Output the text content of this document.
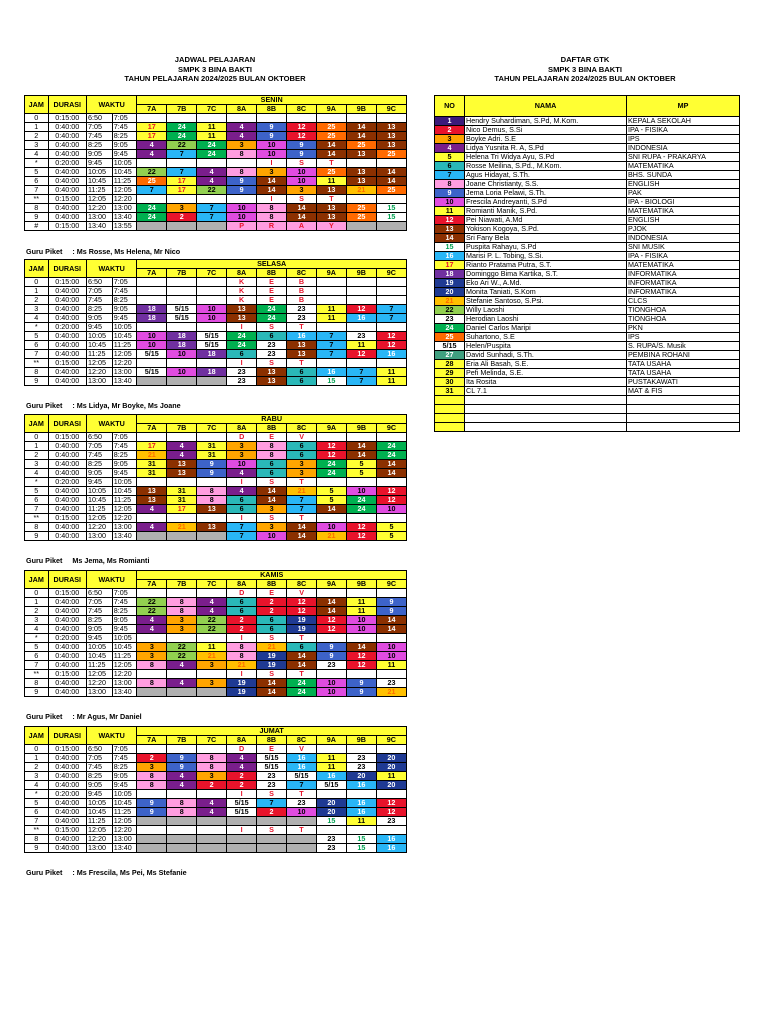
JADWAL PELAJARAN
SMPK 3 BINA BAKTI
TAHUN PELAJARAN 2024/2025 BULAN OKTOBER
DAFTAR GTK
SMPK 3 BINA BAKTI
TAHUN PELAJARAN 2024/2025 BULAN OKTOBER
JAM	DURASI	WAKTU		SENIN								
				7A	7B	7C	8A	8B	8C	9A	9B	9C
0	0:15:00	6:50	7:05									
1	0:40:00	7:05	7:45	17	24	11	4	9	12	25	14	13
2	0:40:00	7:45	8:25	17	24	11	4	9	12	25	14	13
3	0:40:00	8:25	9:05	4	22	24	3	10	9	14	25	13
4	0:40:00	9:05	9:45	4	7	24	8	10	9	14	13	25
*	0:20:00	9:45	10:05					I	S	T		
5	0:40:00	10:05	10:45	22	7	4	8	3	10	25	13	14
6	0:40:00	10:45	11:25	25	17	4	9	14	10	11	13	14
7	0:40:00	11:25	12:05	7	17	22	9	14	3	13	21	25
**	0:15:00	12:05	12:20					I	S	T		
8	0:40:00	12:20	13:00	24	3	7	10	8	14	13	25	15
9	0:40:00	13:00	13:40	24	2	7	10	8	14	13	25	15
#	0:15:00	13:40	13:55				P	R	A	Y		
Guru Piket : Ms Rosse, Ms Helena, Mr Nico
JAM	DURASI	WAKTU		SELASA								
				7A	7B	7C	8A	8B	8C	9A	9B	9C
0	0:15:00	6:50	7:05				K	E	B			
1	0:40:00	7:05	7:45				K	E	B			
2	0:40:00	7:45	8:25				K	E	B			
3	0:40:00	8:25	9:05	18	5/15	10	13	24	23	11	12	7
4	0:40:00	9:05	9:45	18	5/15	10	13	24	23	11	16	7
*	0:20:00	9:45	10:05				I	S	T			
5	0:40:00	10:05	10:45	10	18	5/15	24	6	16	7	23	12
6	0:40:00	10:45	11:25	10	18	5/15	24	23	13	7	11	12
7	0:40:00	11:25	12:05	5/15	10	18	6	23	13	7	12	16
**	0:15:00	12:05	12:20				I	S	T			
8	0:40:00	12:20	13:00	5/15	10	18	23	13	6	16	7	11
9	0:40:00	13:00	13:40				23	13	6	15	7	11
Guru Piket : Ms Lidya, Mr Boyke, Ms Joane
JAM	DURASI	WAKTU		RABU								
				7A	7B	7C	8A	8B	8C	9A	9B	9C
0	0:15:00	6:50	7:05				D	E	V			
1	0:40:00	7:05	7:45	17	4	31	3	8	6	12	14	24
2	0:40:00	7:45	8:25	21	4	31	3	8	6	12	14	24
3	0:40:00	8:25	9:05	31	13	9	10	6	3	24	5	14
4	0:40:00	9:05	9:45	31	13	9	4	6	3	24	5	14
*	0:20:00	9:45	10:05				I	S	T			
5	0:40:00	10:05	10:45	13	31	8	4	14	21	5	10	12
6	0:40:00	10:45	11:25	13	31	8	6	14	7	5	24	12
7	0:40:00	11:25	12:05	4	17	13	6	3	7	14	24	10
**	0:15:00	12:05	12:20				I	S	T			
8	0:40:00	12:20	13:00	4	21	13	7	3	14	10	12	5
9	0:40:00	13:00	13:40				7	10	14	21	12	5
Guru Piket Ms Jema, Ms Romianti
JAM	DURASI	WAKTU		KAMIS								
				7A	7B	7C	8A	8B	8C	9A	9B	9C
0	0:15:00	6:50	7:05				D	E	V			
1	0:40:00	7:05	7:45	22	8	4	6	2	12	14	11	9
2	0:40:00	7:45	8:25	22	8	4	6	2	12	14	11	9
3	0:40:00	8:25	9:05	4	3	22	2	6	19	12	10	14
4	0:40:00	9:05	9:45	4	3	22	2	6	19	12	10	14
*	0:20:00	9:45	10:05				I	S	T			
5	0:40:00	10:05	10:45	3	22	11	8	21	6	9	14	10
6	0:40:00	10:45	11:25	3	22	21	8	19	14	9	12	10
7	0:40:00	11:25	12:05	8	4	3	21	19	14	23	12	11
**	0:15:00	12:05	12:20				I	S	T			
8	0:40:00	12:20	13:00	8	4	3	19	14	24	10	9	23
9	0:40:00	13:00	13:40				19	14	24	10	9	21
Guru Piket : Mr Agus, Mr Daniel
JAM	DURASI	WAKTU		JUMAT								
				7A	7B	7C	8A	8B	8C	9A	9B	9C
0	0:15:00	6:50	7:05				D	E	V			
1	0:40:00	7:05	7:45	2	9	8	4	5/15	16	11	23	20
2	0:40:00	7:45	8:25	3	9	8	4	5/15	16	11	23	20
3	0:40:00	8:25	9:05	8	4	3	2	23	5/15	16	20	11
4	0:40:00	9:05	9:45	8	4	2	2	23	7	5/15	16	20
*	0:20:00	9:45	10:05				I	S	T			
5	0:40:00	10:05	10:45	9	8	4	5/15	7	23	20	16	12
6	0:40:00	10:45	11:25	9	8	4	5/15	2	10	20	16	12
7	0:40:00	11:25	12:05							15	11	23
**	0:15:00	12:05	12:20				I	S	T			
8	0:40:00	12:20	13:00							23	15	16
9	0:40:00	13:00	13:40							23	15	16
Guru Piket : Ms Frescila, Ms Pei, Ms Stefanie
NO	NAMA	MP
1	Hendry Suhardiman, S.Pd, M.Kom.	KEPALA SEKOLAH
2	Nico Demus, S.Si	IPA - FISIKA
3	Boyke Adri. S.E	IPS
4	Lidya Yusnita R. A, S.Pd	INDONESIA
5	Helena Tri Widya Ayu, S.Pd	SNI RUPA - PRAKARYA
6	Rosse Meilina, S.Pd., M.Kom.	MATEMATIKA
7	Agus Hidayat, S.Th.	BHS. SUNDA
8	Joane Christianty, S.S.	ENGLISH
9	Jema Loria Pelawi, S.Th.	PAK
10	Frescila Andreyanti, S.Pd	IPA - BIOLOGI
11	Romianti Manik, S.Pd.	MATEMATIKA
12	Pei Niawati, A.Md	ENGLISH
13	Yokison Kogoya, S.Pd.	PJOK
14	Sri Fany Bela	INDONESIA
15	Puspita Rahayu, S.Pd	SNI MUSIK
16	Marisi P. L. Tobing, S.Si.	IPA - FISIKA
17	Rianto Pratama Putra, S.T.	MATEMATIKA
18	Dominggo Bima Kartika, S.T.	INFORMATIKA
19	Eko Ari W., A.Md.	INFORMATIKA
20	Monita Taniati, S.Kom	INFORMATIKA
21	Stefanie Santoso, S.Psi.	CLCS
22	Willy Laoshi	TIONGHOA
23	Herodian Laoshi	TIONGHOA
24	Daniel Carlos Maripi	PKN
25	Suhartono, S.E	IPS
5/15	Helen/Puspita	S. RUPA/S. Musik
27	David Sunhadi, S.Th.	PEMBINA ROHANI
28	Eria Ali Basah, S.E.	TATA USAHA
29	Pefi Melinda, S.E.	TATA USAHA
30	Ita Rosita	PUSTAKAWATI
31	CL 7.1	MAT & FIS
